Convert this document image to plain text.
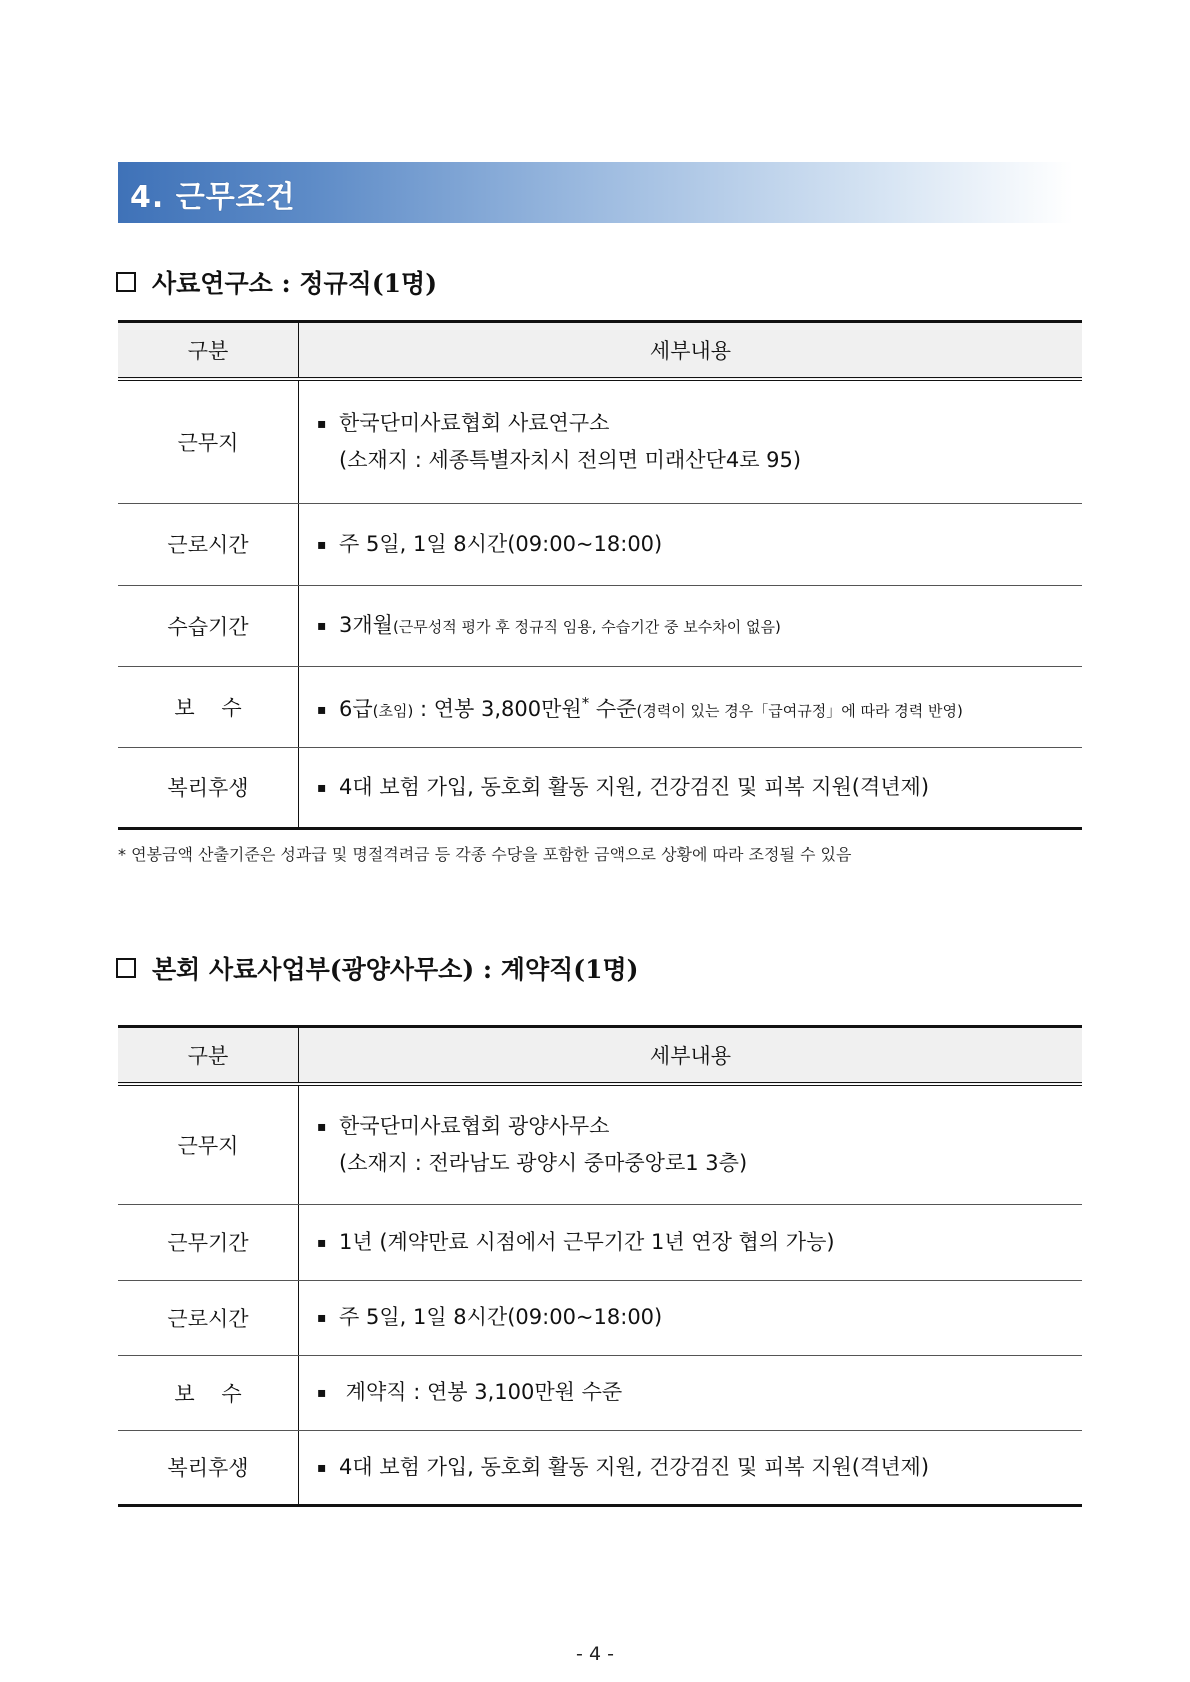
4. 근무조건
사료연구소 : 정규직(1명)
구분	세부내용
근무지	▪ 한국단미사료협회 사료연구소
(소재지 : 세종특별자치시 전의면 미래산단4로 95)

근로시간	▪ 주 5일, 1일 8시간(09:00~18:00)
수습기간	▪ 3개월(근무성적 평가 후 정규직 임용, 수습기간 중 보수차이 없음)
보    수	▪ 6급(초임) : 연봉 3,800만원* 수준(경력이 있는 경우「급여규정」에 따라 경력 반영)
복리후생	▪ 4대 보험 가입, 동호회 활동 지원, 건강검진 및 피복 지원(격년제)
* 연봉금액 산출기준은 성과급 및 명절격려금 등 각종 수당을 포함한 금액으로 상황에 따라 조정될 수 있음
본회 사료사업부(광양사무소) : 계약직(1명)
구분	세부내용
근무지	▪ 한국단미사료협회 광양사무소
(소재지 : 전라남도 광양시 중마중앙로1 3층)

근무기간	▪ 1년 (계약만료 시점에서 근무기간 1년 연장 협의 가능)
근로시간	▪ 주 5일, 1일 8시간(09:00~18:00)
보    수	▪ 계약직 : 연봉 3,100만원 수준
복리후생	▪ 4대 보험 가입, 동호회 활동 지원, 건강검진 및 피복 지원(격년제)
- 4 -
